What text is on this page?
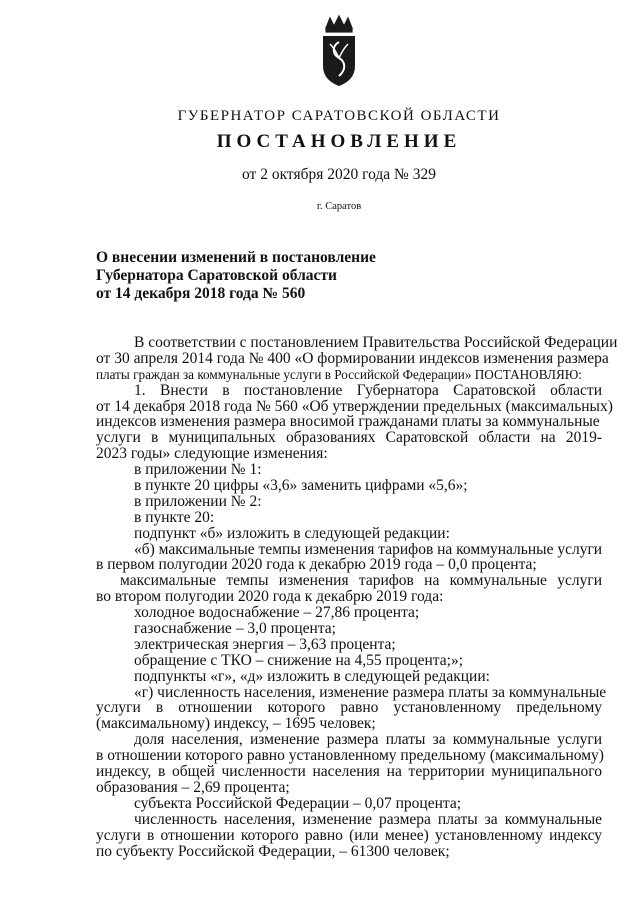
ГУБЕРНАТОР САРАТОВСКОЙ ОБЛАСТИ
ПОСТАНОВЛЕНИЕ
от 2 октября 2020 года № 329
г. Саратов
О внесении изменений в постановление
Губернатора Саратовской области
от 14 декабря 2018 года № 560
В соответствии с постановлением Правительства Российской Федерации
от 30 апреля 2014 года № 400 «О формировании индексов изменения размера
платы граждан за коммунальные услуги в Российской Федерации» ПОСТАНОВЛЯЮ:
1. Внести в постановление Губернатора Саратовской области
от 14 декабря 2018 года № 560 «Об утверждении предельных (максимальных)
индексов изменения размера вносимой гражданами платы за коммунальные
услуги в муниципальных образованиях Саратовской области на 2019-
2023 годы» следующие изменения:
в приложении № 1:
в пункте 20 цифры «3,6» заменить цифрами «5,6»;
в приложении № 2:
в пункте 20:
подпункт «б» изложить в следующей редакции:
«б) максимальные темпы изменения тарифов на коммунальные услуги
в первом полугодии 2020 года к декабрю 2019 года – 0,0 процента;
максимальные темпы изменения тарифов на коммунальные услуги
во втором полугодии 2020 года к декабрю 2019 года:
холодное водоснабжение – 27,86 процента;
газоснабжение – 3,0 процента;
электрическая энергия – 3,63 процента;
обращение с ТКО – снижение на 4,55 процента;»;
подпункты «г», «д» изложить в следующей редакции:
«г) численность населения, изменение размера платы за коммунальные
услуги в отношении которого равно установленному предельному
(максимальному) индексу, – 1695 человек;
доля населения, изменение размера платы за коммунальные услуги
в отношении которого равно установленному предельному (максимальному)
индексу, в общей численности населения на территории муниципального
образования – 2,69 процента;
субъекта Российской Федерации – 0,07 процента;
численность населения, изменение размера платы за коммунальные
услуги в отношении которого равно (или менее) установленному индексу
по субъекту Российской Федерации, – 61300 человек;
